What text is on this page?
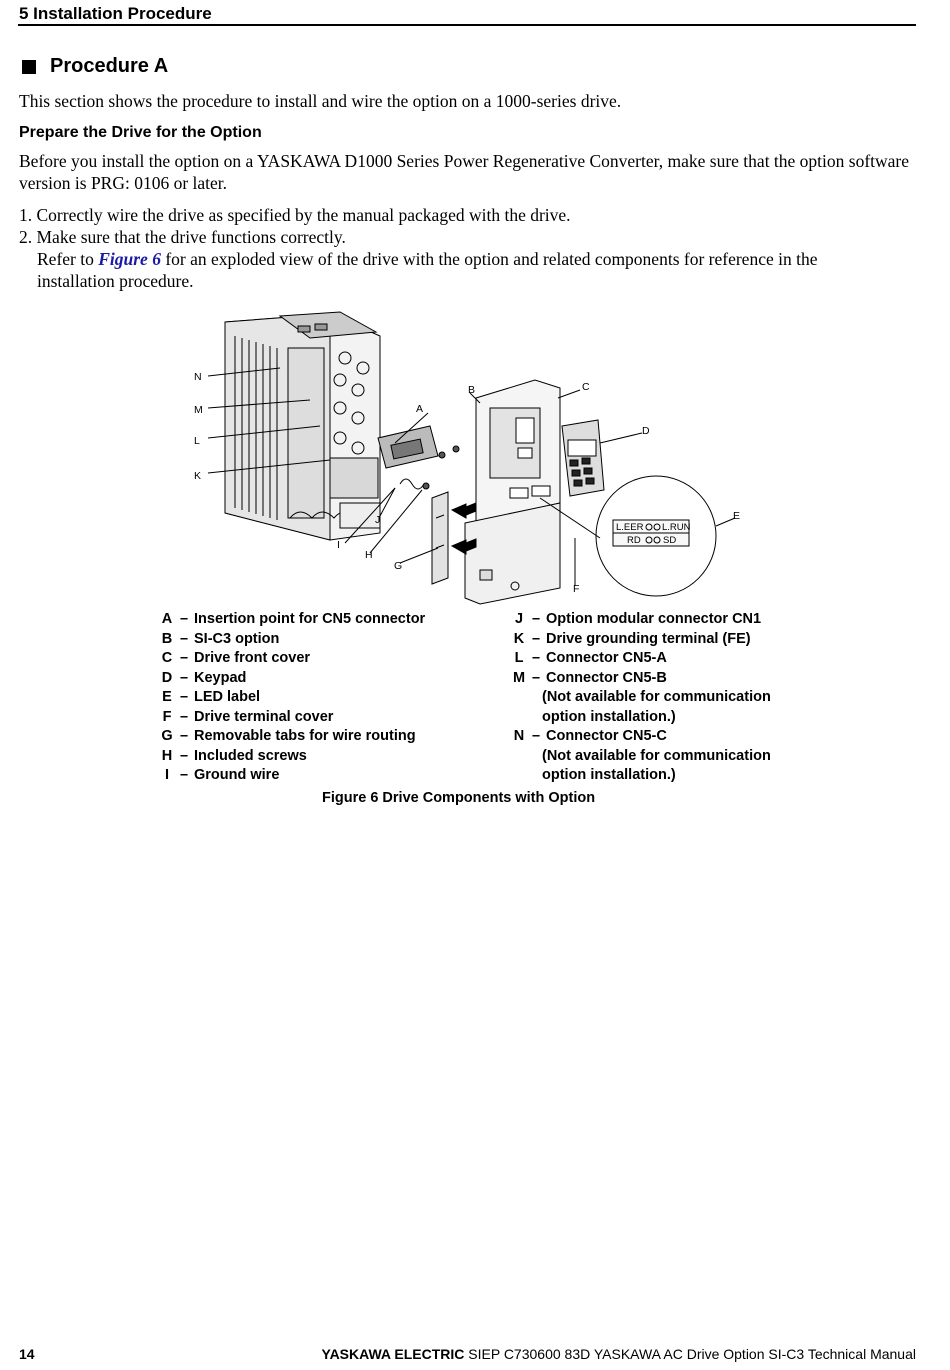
5 Installation Procedure
Procedure A
This section shows the procedure to install and wire the option on a 1000-series drive.
Prepare the Drive for the Option
Before you install the option on a YASKAWA D1000 Series Power Regenerative Converter, make sure that the option software version is PRG: 0106 or later.
1. Correctly wire the drive as specified by the manual packaged with the drive.
2. Make sure that the drive functions correctly.
Refer to Figure 6 for an exploded view of the drive with the option and related components for reference in the installation procedure.
L.EER L.RUN
RD SD
N
M
L
K
A
B	C
D
E
F
G
H
I
J
A – Insertion point for CN5 connector
B – SI-C3 option
C – Drive front cover
D – Keypad
E – LED label
F – Drive terminal cover
G – Removable tabs for wire routing
H – Included screws
I – Ground wire
J – Option modular connector CN1
K – Drive grounding terminal (FE)
L – Connector CN5-A
M – Connector CN5-B
(Not available for communication
option installation.)
N – Connector CN5-C
(Not available for communication
option installation.)
Figure 6 Drive Components with Option
14	YASKAWA ELECTRIC SIEP C730600 83D YASKAWA AC Drive Option SI-C3 Technical Manual
